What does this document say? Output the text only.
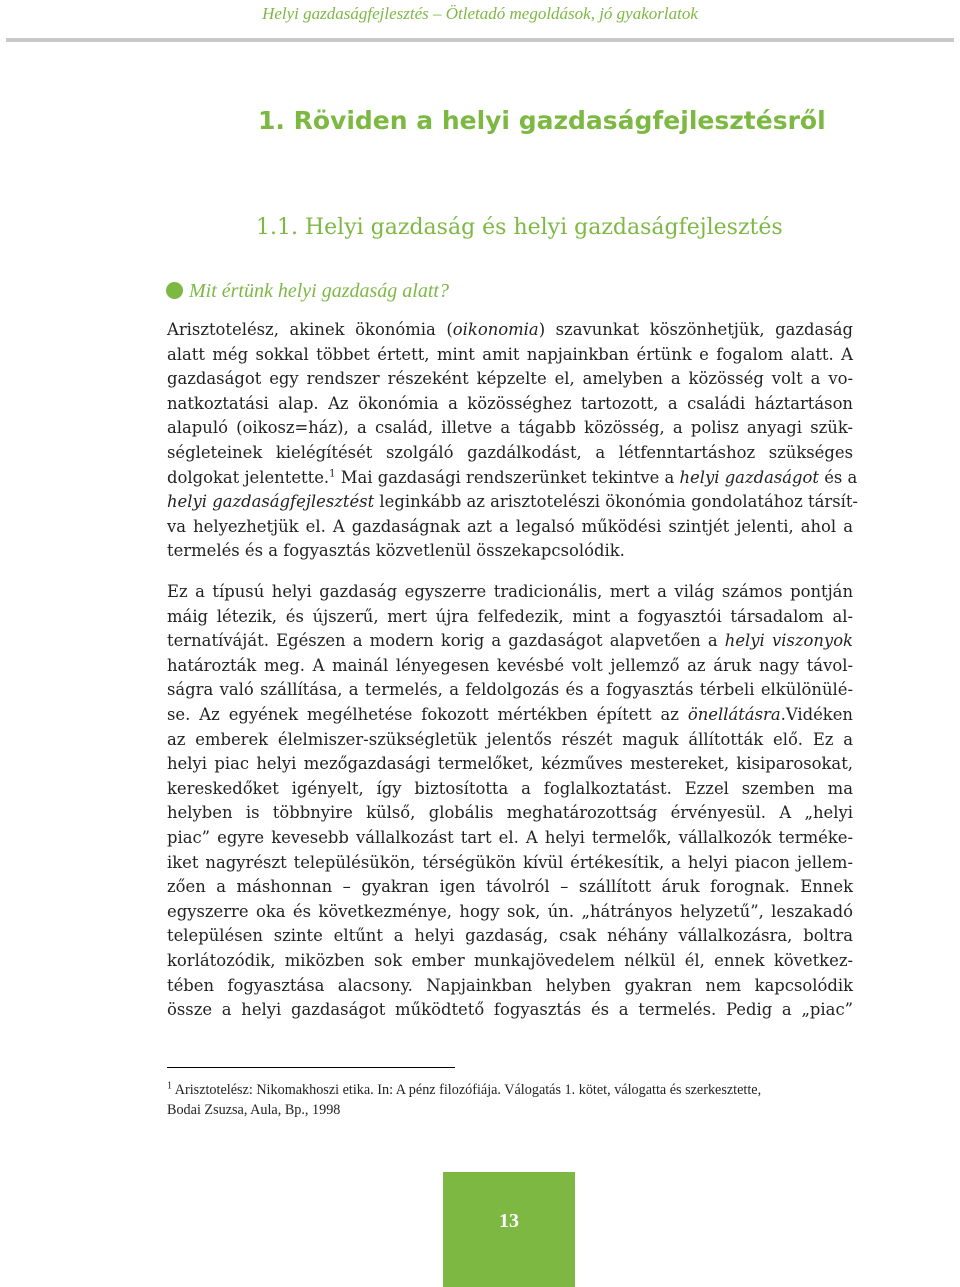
Helyi gazdaságfejlesztés – Ötletadó megoldások, jó gyakorlatok
1. Röviden a helyi gazdaságfejlesztésről
1.1. Helyi gazdaság és helyi gazdaságfejlesztés
Mit értünk helyi gazdaság alatt?
Arisztotelész, akinek ökonómia (oikonomia) szavunkat köszönhetjük, gazdaság
alatt még sokkal többet értett, mint amit napjainkban értünk e fogalom alatt. A
gazdaságot egy rendszer részeként képzelte el, amelyben a közösség volt a vo-
natkoztatási alap. Az ökonómia a közösséghez tartozott, a családi háztartáson
alapuló (oikosz=ház), a család, illetve a tágabb közösség, a polisz anyagi szük-
ségleteinek kielégítését szolgáló gazdálkodást, a létfenntartáshoz szükséges
dolgokat jelentette.$^1$ Mai gazdasági rendszerünket tekintve a helyi gazdaságot és a
helyi gazdaságfejlesztést leginkább az arisztotelészi ökonómia gondolatához társít-
va helyezhetjük el. A gazdaságnak azt a legalsó működési szintjét jelenti, ahol a
termelés és a fogyasztás közvetlenül összekapcsolódik.
Ez a típusú helyi gazdaság egyszerre tradicionális, mert a világ számos pontján
máig létezik, és újszerű, mert újra felfedezik, mint a fogyasztói társadalom al-
ternatíváját. Egészen a modern korig a gazdaságot alapvetően a helyi viszonyok
határozták meg. A mainál lényegesen kevésbé volt jellemző az áruk nagy távol-
ságra való szállítása, a termelés, a feldolgozás és a fogyasztás térbeli elkülönülé-
se. Az egyének megélhetése fokozott mértékben épített az önellátásra.Vidéken
az emberek élelmiszer-szükségletük jelentős részét maguk állították elő. Ez a
helyi piac helyi mezőgazdasági termelőket, kézműves mestereket, kisiparosokat,
kereskedőket igényelt, így biztosította a foglalkoztatást. Ezzel szemben ma
helyben is többnyire külső, globális meghatározottság érvényesül. A „helyi
piac” egyre kevesebb vállalkozást tart el. A helyi termelők, vállalkozók terméke-
iket nagyrészt településükön, térségükön kívül értékesítik, a helyi piacon jellem-
zően a máshonnan – gyakran igen távolról – szállított áruk forognak. Ennek
egyszerre oka és következménye, hogy sok, ún. „hátrányos helyzetű”, leszakadó
településen szinte eltűnt a helyi gazdaság, csak néhány vállalkozásra, boltra
korlátozódik, miközben sok ember munkajövedelem nélkül él, ennek következ-
tében fogyasztása alacsony. Napjainkban helyben gyakran nem kapcsolódik
össze a helyi gazdaságot működtető fogyasztás és a termelés. Pedig a „piac”
$^1$ Arisztotelész: Nikomakhoszi etika. In: A pénz filozófiája. Válogatás 1. kötet, válogatta és szerkesztette,
Bodai Zsuzsa, Aula, Bp., 1998
13
